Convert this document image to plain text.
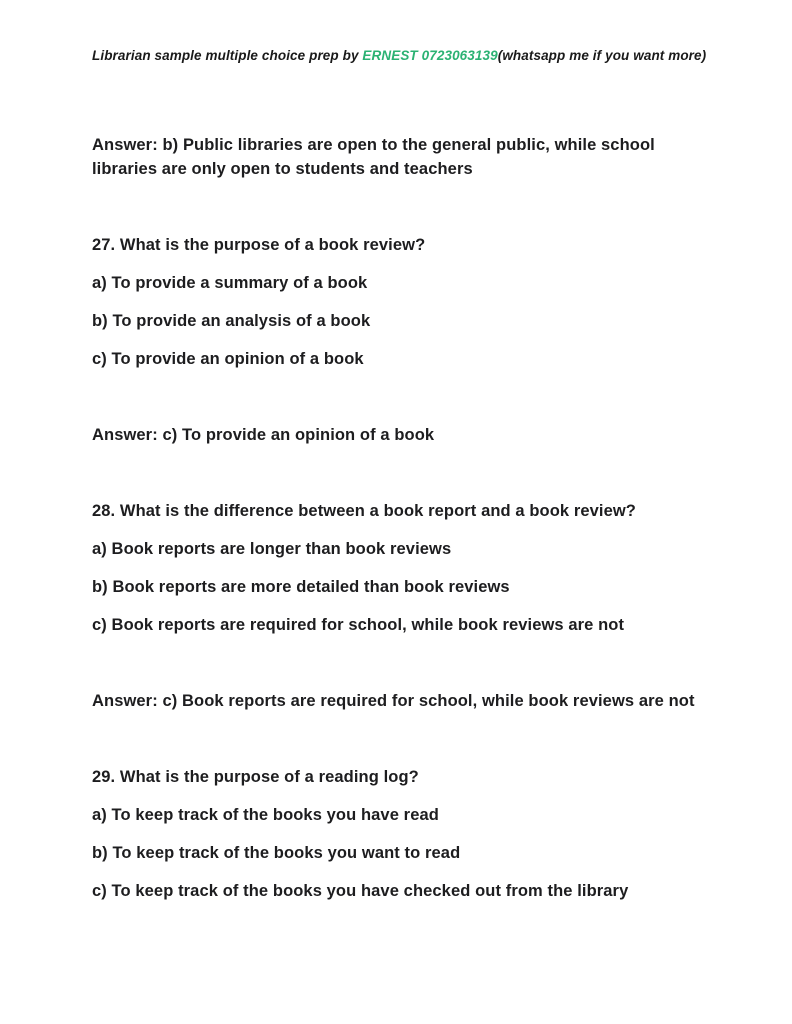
Librarian sample multiple choice prep by ERNEST 0723063139(whatsapp me if you want more)

Answer: b) Public libraries are open to the general public, while school libraries are only open to students and teachers

27. What is the purpose of a book review?

a) To provide a summary of a book

b) To provide an analysis of a book

c) To provide an opinion of a book

Answer: c) To provide an opinion of a book

28. What is the difference between a book report and a book review?

a) Book reports are longer than book reviews

b) Book reports are more detailed than book reviews

c) Book reports are required for school, while book reviews are not

Answer: c) Book reports are required for school, while book reviews are not

29. What is the purpose of a reading log?

a) To keep track of the books you have read

b) To keep track of the books you want to read

c) To keep track of the books you have checked out from the library
